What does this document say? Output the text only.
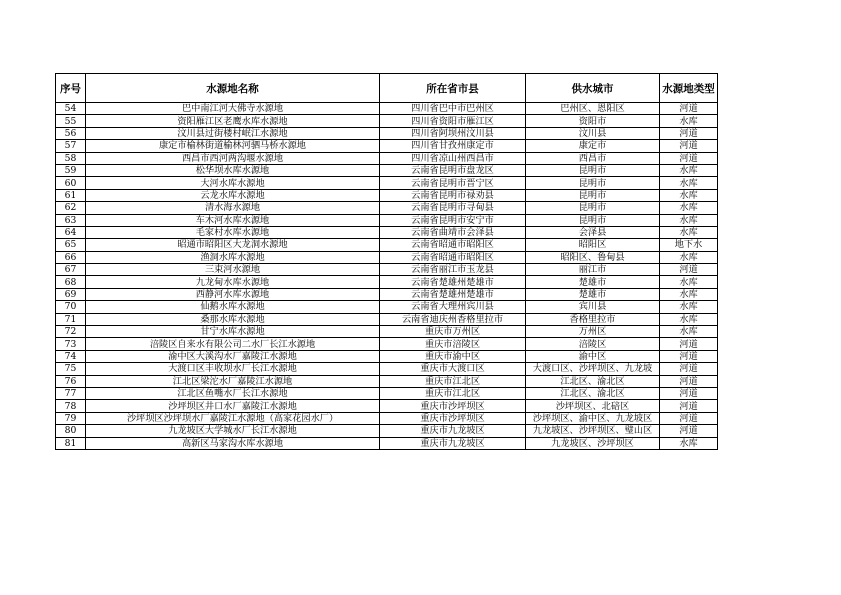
序号	水源地名称	所在省市县	供水城市	水源地类型
54	巴中南江河大佛寺水源地	四川省巴中市巴州区	巴州区、恩阳区	河道
55	资阳雁江区老鹰水库水源地	四川省资阳市雁江区	资阳市	水库
56	汶川县过街楼村岷江水源地	四川省阿坝州汶川县	汶川县	河道
57	康定市榆林街道榆林河驷马桥水源地	四川省甘孜州康定市	康定市	河道
58	西昌市西河两沟堰水源地	四川省凉山州西昌市	西昌市	河道
59	松华坝水库水源地	云南省昆明市盘龙区	昆明市	水库
60	大河水库水源地	云南省昆明市晋宁区	昆明市	水库
61	云龙水库水源地	云南省昆明市禄劝县	昆明市	水库
62	清水海水源地	云南省昆明市寻甸县	昆明市	水库
63	车木河水库水源地	云南省昆明市安宁市	昆明市	水库
64	毛家村水库水源地	云南省曲靖市会泽县	会泽县	水库
65	昭通市昭阳区大龙洞水源地	云南省昭通市昭阳区	昭阳区	地下水
66	渔洞水库水源地	云南省昭通市昭阳区	昭阳区、鲁甸县	水库
67	三束河水源地	云南省丽江市玉龙县	丽江市	河道
68	九龙甸水库水源地	云南省楚雄州楚雄市	楚雄市	水库
69	西静河水库水源地	云南省楚雄州楚雄市	楚雄市	水库
70	仙鹅水库水源地	云南省大理州宾川县	宾川县	水库
71	桑那水库水源地	云南省迪庆州香格里拉市	香格里拉市	水库
72	甘宁水库水源地	重庆市万州区	万州区	水库
73	涪陵区自来水有限公司二水厂长江水源地	重庆市涪陵区	涪陵区	河道
74	渝中区大溪沟水厂嘉陵江水源地	重庆市渝中区	渝中区	河道
75	大渡口区丰收坝水厂长江水源地	重庆市大渡口区	大渡口区、沙坪坝区、九龙坡	河道
76	江北区梁沱水厂嘉陵江水源地	重庆市江北区	江北区、渝北区	河道
77	江北区鱼嘴水厂长江水源地	重庆市江北区	江北区、渝北区	河道
78	沙坪坝区井口水厂嘉陵江水源地	重庆市沙坪坝区	沙坪坝区、北碚区	河道
79	沙坪坝区沙坪坝水厂嘉陵江水源地（高家花园水厂）	重庆市沙坪坝区	沙坪坝区、渝中区、九龙坡区	河道
80	九龙坡区大学城水厂长江水源地	重庆市九龙坡区	九龙坡区、沙坪坝区、璧山区	河道
81	高新区马家沟水库水源地	重庆市九龙坡区	九龙坡区、沙坪坝区	水库
